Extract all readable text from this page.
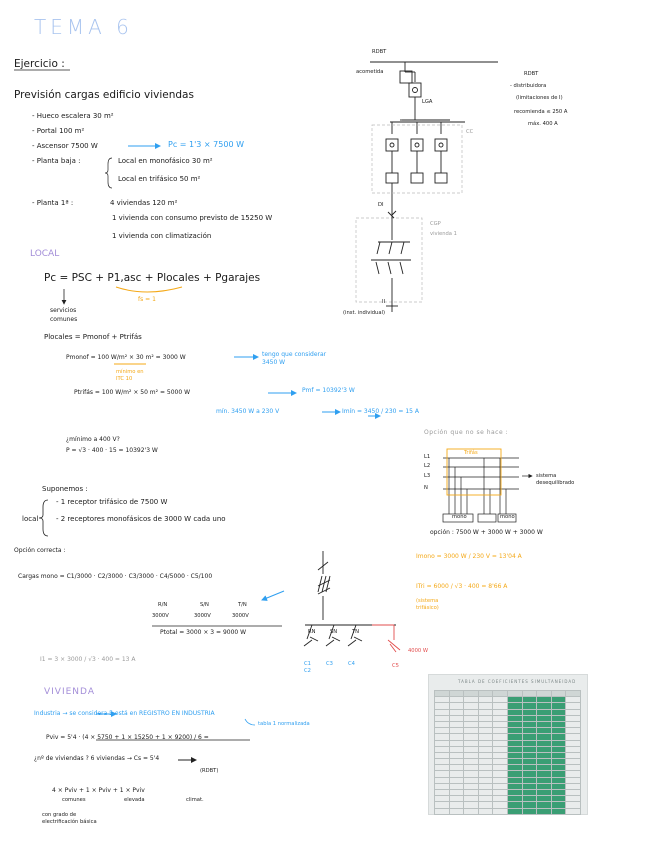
TEMA 6
Ejercicio :
Previsión cargas edificio viviendas
- Hueco escalera 30 m²
- Portal 100 m²
- Ascensor 7500 W	Pc = 1'3 × 7500 W
- Planta baja :	Local en monofásico 30 m²
Local en trifásico 50 m²
- Planta 1ª :	4 viviendas 120 m²
1 vivienda con consumo previsto de 15250 W
1 vivienda con climatización
LOCAL
Pc = PSC + P1,asc + Plocales + Pgarajes
fs = 1
servicios
comunes
Plocales = Pmonof + Ptrifás
Pmonof = 100 W/m² × 30 m² = 3000 W	tengo que considerar 3450 W
mínimo en ITC 10
Ptrifás = 100 W/m² × 50 m² = 5000 W	Pmf = 10392'3 W
mín. 3450 W a 230 V	Imín = 3450 / 230 = 15 A
¿mínimo a 400 V?
P = √3 · 400 · 15 = 10392'3 W
Suponemos :
local
- 1 receptor trifásico de 7500 W
- 2 receptores monofásicos de 3000 W cada uno
Opción correcta :
Cargas mono = C1/3000 · C2/3000 · C3/3000 · C4/5000 · C5/100
R/N	S/N	T/N
3000V	3000V	3000V
Ptotal = 3000 × 3 = 9000 W
I1 = 3 × 3000 / √3 · 400 = 13 A
4000 W
RN	SN	TN
C1
C2
C3	C4	C5
Opción que no se hace :
L1
L2
L3
N
Trifás
mono	mono
sistema desequilibrado
opción : 7500 W + 3000 W + 3000 W
Imono = 3000 W / 230 V = 13'04 A
ITri = 6000 / √3 · 400 = 8'66 A
(sistema trifásico)
RDBT
acometida	RDBT
- distribuidora
(limitaciones de I)
recomienda ≤ 250 A
máx. 400 A
LGA
CC
DI
CGP
vivienda 1
II
(inst. individual)
VIVIENDA
Industria → se considera 5 está en REGISTRO EN INDUSTRIA
tabla 1 normalizada
Pviv = 5'4 · (4 × 5750 + 1 × 15250 + 1 × 9200) / 6 =
¿nº de viviendas ? 6 viviendas → Cs = 5'4
(RDBT)
4 × Pviv + 1 × Pviv + 1 × Pviv
comunes	elevada	climat.
con grado de electrificación básica
TABLA DE COEFICIENTES SIMULTANEIDAD
